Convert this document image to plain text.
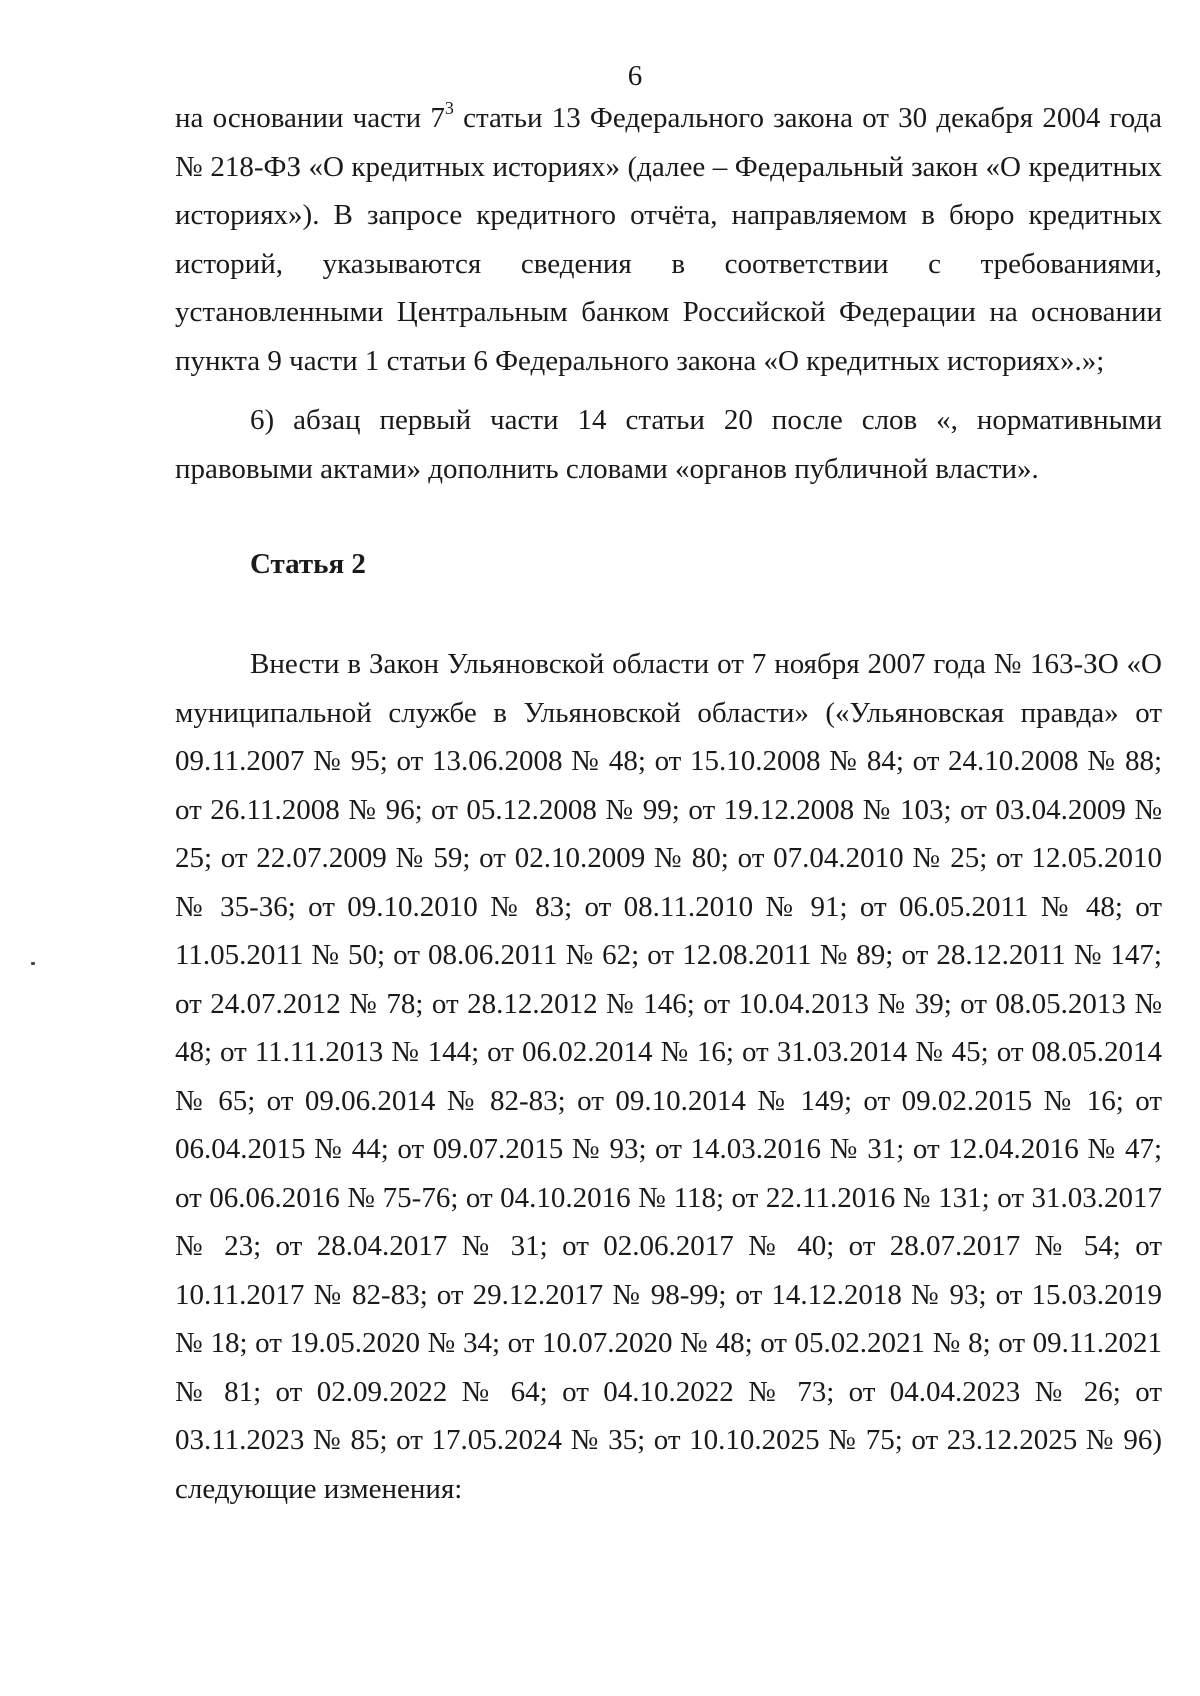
6

на основании части $7^3$ статьи 13 Федерального закона от 30 декабря 2004 года № 218-ФЗ «О кредитных историях» (далее – Федеральный закон «О кредитных историях»). В запросе кредитного отчёта, направляемом в бюро кредитных историй, указываются сведения в соответствии с требованиями, установленными Центральным банком Российской Федерации на основании пункта 9 части 1 статьи 6 Федерального закона «О кредитных историях».»;

6) абзац первый части 14 статьи 20 после слов «, нормативными правовыми актами» дополнить словами «органов публичной власти».

Статья 2

Внести в Закон Ульяновской области от 7 ноября 2007 года № 163-ЗО «О муниципальной службе в Ульяновской области» («Ульяновская правда» от 09.11.2007 № 95; от 13.06.2008 № 48; от 15.10.2008 № 84; от 24.10.2008 № 88; от 26.11.2008 № 96; от 05.12.2008 № 99; от 19.12.2008 № 103; от 03.04.2009 № 25; от 22.07.2009 № 59; от 02.10.2009 № 80; от 07.04.2010 № 25; от 12.05.2010 № 35-36; от 09.10.2010 № 83; от 08.11.2010 № 91; от 06.05.2011 № 48; от 11.05.2011 № 50; от 08.06.2011 № 62; от 12.08.2011 № 89; от 28.12.2011 № 147; от 24.07.2012 № 78; от 28.12.2012 № 146; от 10.04.2013 № 39; от 08.05.2013 № 48; от 11.11.2013 № 144; от 06.02.2014 № 16; от 31.03.2014 № 45; от 08.05.2014 № 65; от 09.06.2014 № 82-83; от 09.10.2014 № 149; от 09.02.2015 № 16; от 06.04.2015 № 44; от 09.07.2015 № 93; от 14.03.2016 № 31; от 12.04.2016 № 47; от 06.06.2016 № 75-76; от 04.10.2016 № 118; от 22.11.2016 № 131; от 31.03.2017 № 23; от 28.04.2017 № 31; от 02.06.2017 № 40; от 28.07.2017 № 54; от 10.11.2017 № 82-83; от 29.12.2017 № 98-99; от 14.12.2018 № 93; от 15.03.2019 № 18; от 19.05.2020 № 34; от 10.07.2020 № 48; от 05.02.2021 № 8; от 09.11.2021 № 81; от 02.09.2022 № 64; от 04.10.2022 № 73; от 04.04.2023 № 26; от 03.11.2023 № 85; от 17.05.2024 № 35; от 10.10.2025 № 75; от 23.12.2025 № 96) следующие изменения:
